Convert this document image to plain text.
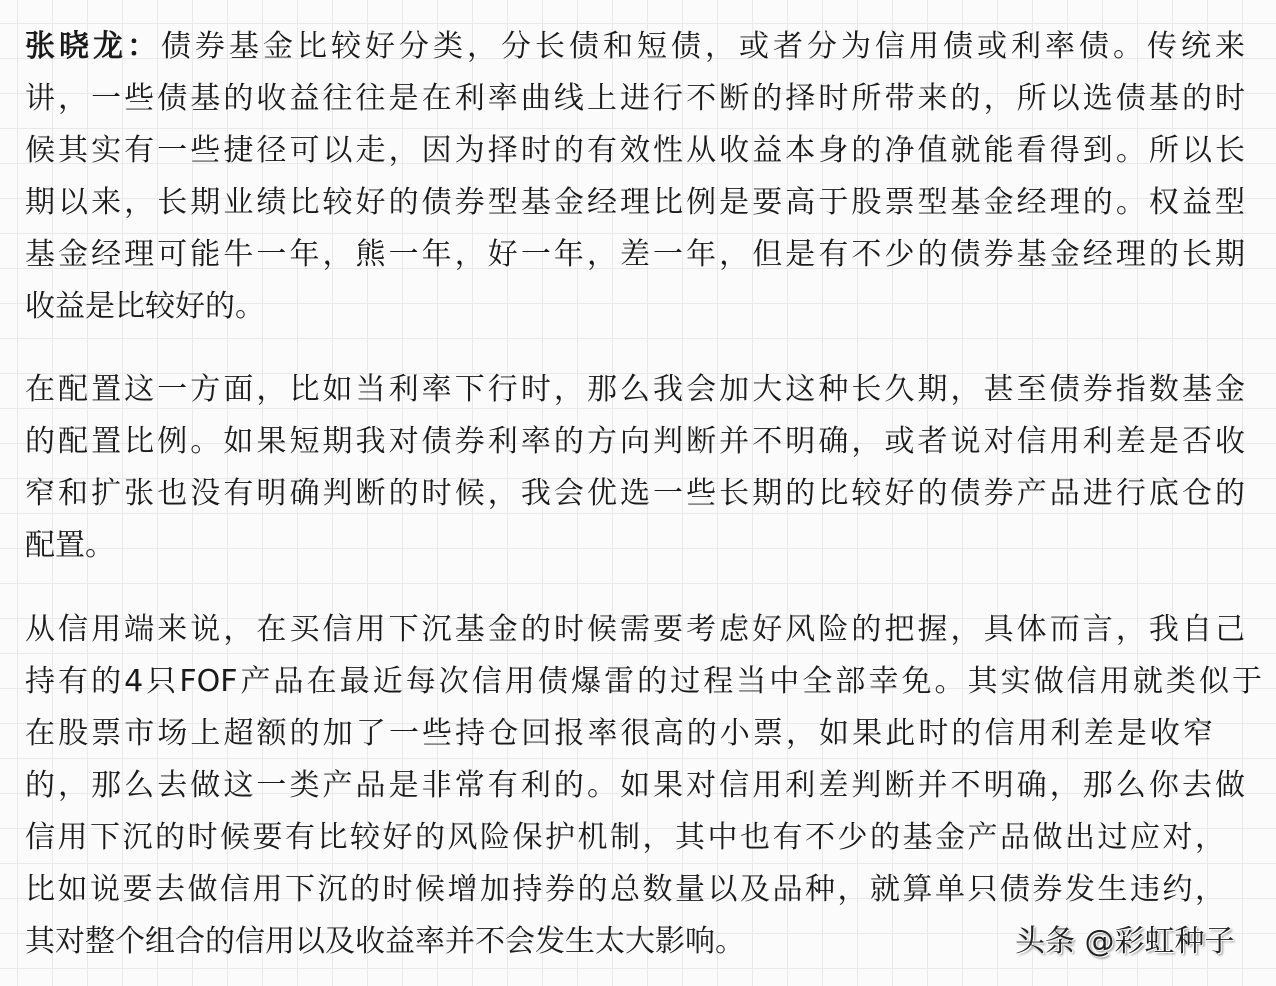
张晓龙：债券基金比较好分类，分长债和短债，或者分为信用债或利率债。传统来
讲，一些债基的收益往往是在利率曲线上进行不断的择时所带来的，所以选债基的时
候其实有一些捷径可以走，因为择时的有效性从收益本身的净值就能看得到。所以长
期以来，长期业绩比较好的债券型基金经理比例是要高于股票型基金经理的。权益型
基金经理可能牛一年，熊一年，好一年，差一年，但是有不少的债券基金经理的长期
收益是比较好的。
在配置这一方面，比如当利率下行时，那么我会加大这种长久期，甚至债券指数基金
的配置比例。如果短期我对债券利率的方向判断并不明确，或者说对信用利差是否收
窄和扩张也没有明确判断的时候，我会优选一些长期的比较好的债券产品进行底仓的
配置。
从信用端来说，在买信用下沉基金的时候需要考虑好风险的把握，具体而言，我自己
持有的4只FOF产品在最近每次信用债爆雷的过程当中全部幸免。其实做信用就类似于
在股票市场上超额的加了一些持仓回报率很高的小票，如果此时的信用利差是收窄
的，那么去做这一类产品是非常有利的。如果对信用利差判断并不明确，那么你去做
信用下沉的时候要有比较好的风险保护机制，其中也有不少的基金产品做出过应对，
比如说要去做信用下沉的时候增加持券的总数量以及品种，就算单只债券发生违约，
其对整个组合的信用以及收益率并不会发生太大影响。	头条 @彩虹种子
